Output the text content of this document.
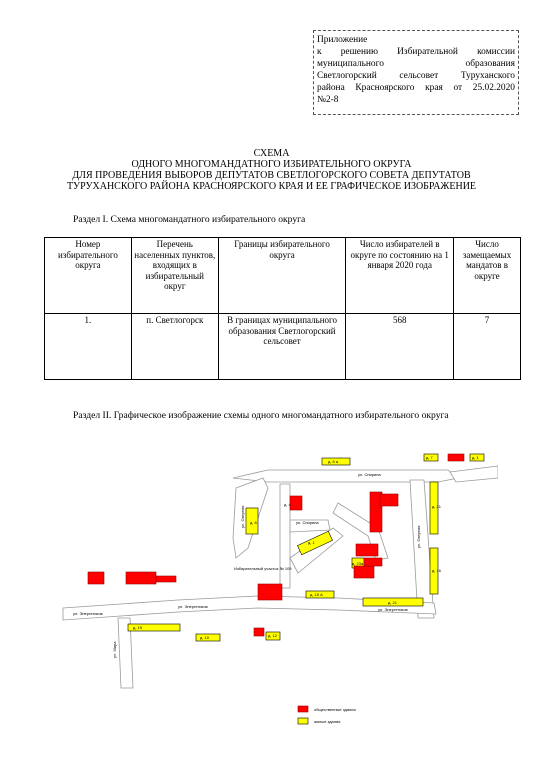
Приложение
к решению Избирательной комиссии
муниципального образования
Светлогорский сельсовет Туруханского
района Красноярского края от 25.02.2020
№2-8
СХЕМА
ОДНОГО МНОГОМАНДАТНОГО ИЗБИРАТЕЛЬНОГО ОКРУГА
ДЛЯ ПРОВЕДЕНИЯ ВЫБОРОВ ДЕПУТАТОВ СВЕТЛОГОРСКОГО СОВЕТА ДЕПУТАТОВ
ТУРУХАНСКОГО РАЙОНА КРАСНОЯРСКОГО КРАЯ И ЕЕ ГРАФИЧЕСКОЕ ИЗОБРАЖЕНИЕ
Раздел I. Схема многомандатного избирательного округа
Номер избирательного округа	Перечень населенных пунктов, входящих в избирательный округ	Границы избирательного округа	Число избирателей в округе по состоянию на 1 января 2020 года	Число замещаемых мандатов в округе
1.	п. Светлогорск	В границах муниципального образования Светлогорский сельсовет	568	7
Раздел II. Графическое изображение схемы одного многомандатного избирательного округа
ул. Спирина
ул. Спирина
ул. Энергетиков
ул. Энергетиков
ул. Энергетиков
ул. Озерная
ул. Озерная
ул. Мира
д. 6 а
д. 8
д. 1
д. 21
д. 16
д. 21
д. 15 А
д. 19
д. 10	д. 12
д. 7	д. 1
д. 23а
д. 4
Избирательный участок № 109
общественные здания
жилые здания
